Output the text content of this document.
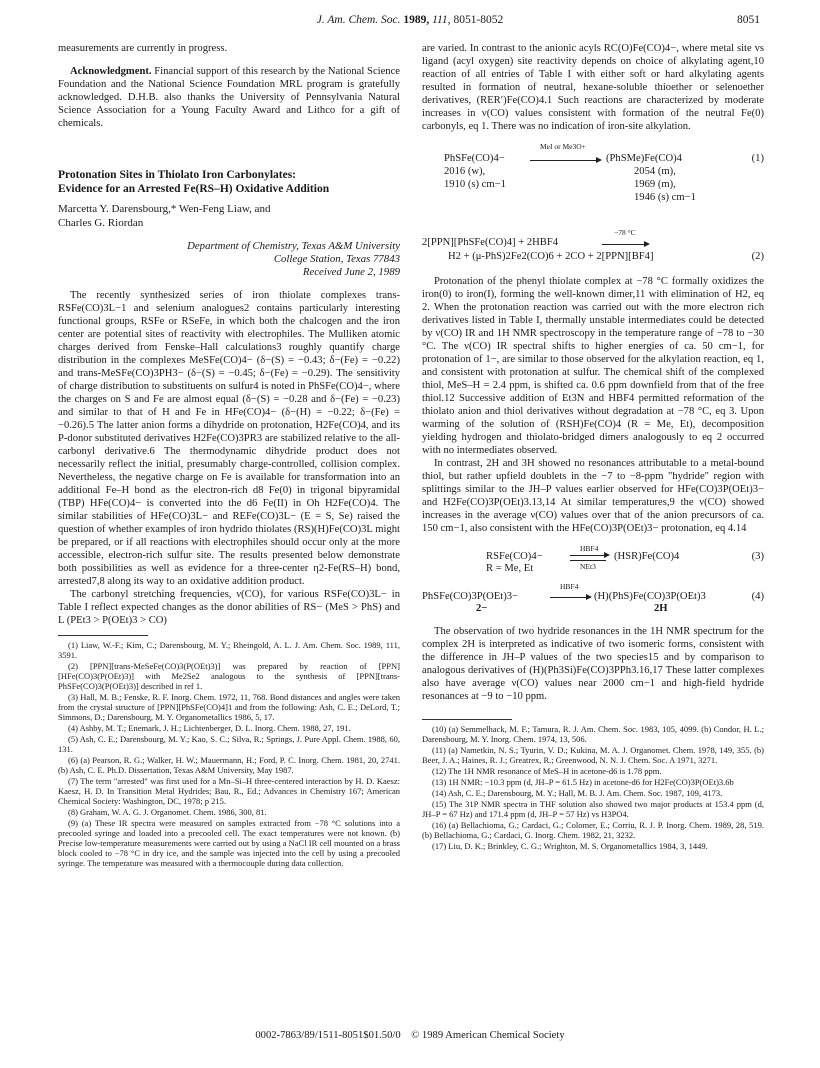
J. Am. Chem. Soc. 1989, 111, 8051-8052	8051

measurements are currently in progress.

Acknowledgment. Financial support of this research by the National Science Foundation and the National Science Foundation MRL program is gratefully acknowledged. D.H.B. also thanks the University of Pennsylvania Natural Science Association for a Young Faculty Award and Lithco for a gift of chemicals.

Protonation Sites in Thiolato Iron Carbonylates:
Evidence for an Arrested Fe(RS–H) Oxidative Addition
Marcetta Y. Darensbourg,* Wen-Feng Liaw, and
Charles G. Riordan
Department of Chemistry, Texas A&M University
College Station, Texas 77843
Received June 2, 1989

The recently synthesized series of iron thiolate complexes trans-RSFe(CO)3L−1 and selenium analogues2 contains particularly interesting functional groups, RSFe or RSeFe, in which both the chalcogen and the iron center are potential sites of reactivity with electrophiles. The Mulliken atomic charges derived from Fenske–Hall calculations3 roughly quantify charge distribution in the complexes MeSFe(CO)4− (δ−(S) = −0.43; δ−(Fe) = −0.22) and trans-MeSFe(CO)3PH3− (δ−(S) = −0.45; δ−(Fe) = −0.29). The sensitivity of charge distribution to substituents on sulfur4 is noted in PhSFe(CO)4−, where the charges on S and Fe are almost equal (δ−(S) = −0.28 and δ−(Fe) = −0.23) and similar to that of H and Fe in HFe(CO)4− (δ−(H) = −0.22; δ−(Fe) = −0.26).5 The latter anion forms a dihydride on protonation, H2Fe(CO)4, and its P-donor substituted derivatives H2Fe(CO)3PR3 are stabilized relative to the all-carbonyl derivative.6 The thermodynamic dihydride product does not necessarily reflect the initial, presumably charge-controlled, collision complex. Nevertheless, the negative charge on Fe is available for transformation into an additional Fe–H bond as the electron-rich d8 Fe(0) in trigonal bipyramidal (TBP) HFe(CO)4− is converted into the d6 Fe(II) in Oh H2Fe(CO)4. The similar stabilities of HFe(CO)3L− and REFe(CO)3L− (E = S, Se) raised the question of whether examples of iron hydrido thiolates (RS)(H)Fe(CO)3L might be prepared, or if all reactions with electrophiles should occur only at the more accessible, electron-rich sulfur site. The results presented below demonstrate both possibilities as well as evidence for a three-center η2-Fe(RS–H) bond, arrested7,8 along its way to an oxidative addition product.

The carbonyl stretching frequencies, ν(CO), for various RSFe(CO)3L− in Table I reflect expected changes as the donor abilities of RS− (MeS > PhS) and L (PEt3 > P(OEt)3 > CO)

(1) Liaw, W.-F.; Kim, C.; Darensbourg, M. Y.; Rheingold, A. L. J. Am. Chem. Soc. 1989, 111, 3591.
(2) [PPN][trans-MeSeFe(CO)3(P(OEt)3)] was prepared by reaction of [PPN][HFe(CO)3(P(OEt)3)] with Me2Se2 analogous to the synthesis of [PPN][trans-PhSFe(CO)3(P(OEt)3)] described in ref 1.
(3) Hall, M. B.; Fenske, R. F. Inorg. Chem. 1972, 11, 768. Bond distances and angles were taken from the crystal structure of [PPN][PhSFe(CO)4]1 and from the following: Ash, C. E.; DeLord, T.; Simmons, D.; Darensbourg, M. Y. Organometallics 1986, 5, 17.
(4) Ashby, M. T.; Enemark, J. H.; Lichtenberger, D. L. Inorg. Chem. 1988, 27, 191.
(5) Ash, C. E.; Darensbourg, M. Y.; Kao, S. C.; Silva, R.; Springs, J. Pure Appl. Chem. 1988, 60, 131.
(6) (a) Pearson, R. G.; Walker, H. W.; Mauermann, H.; Ford, P. C. Inorg. Chem. 1981, 20, 2741. (b) Ash, C. E. Ph.D. Dissertation, Texas A&M University, May 1987.
(7) The term "arrested" was first used for a Mn–Si–H three-centered interaction by H. D. Kaesz: Kaesz, H. D. In Transition Metal Hydrides; Bau, R., Ed.; Advances in Chemistry 167; American Chemical Society: Washington, DC, 1978; p 215.
(8) Graham, W. A. G. J. Organomet. Chem. 1986, 300, 81.
(9) (a) These IR spectra were measured on samples extracted from −78 °C solutions into a precooled syringe and loaded into a precooled cell. The exact temperatures were not known. (b) Precise low-temperature measurements were carried out by using a NaCl IR cell mounted on a brass block cooled to −78 °C in dry ice, and the sample was injected into the cell by using a precooled syringe. The temperature was measured with a thermocouple during data collection.

are varied. In contrast to the anionic acyls RC(O)Fe(CO)4−, where metal site vs ligand (acyl oxygen) site reactivity depends on choice of alkylating agent,10 reaction of all entries of Table I with either soft or hard alkylating agents resulted in formation of neutral, hexane-soluble thioether or selenoether derivatives, (RER′)Fe(CO)4.1 Such reactions are characterized by moderate increases in ν(CO) values consistent with formation of the neutral Fe(0) carbonyls, eq 1. There was no indication of iron-site alkylation.

MeI or Me3O+
PhSFe(CO)4−	(PhSMe)Fe(CO)4	(1)
2016 (w),
1910 (s) cm−1
2054 (m),
1969 (m),
1946 (s) cm−1
−78 °C
2[PPN][PhSFe(CO)4] + 2HBF4
H2 + (μ-PhS)2Fe2(CO)6 + 2CO + 2[PPN][BF4]	(2)

Protonation of the phenyl thiolate complex at −78 °C formally oxidizes the iron(0) to iron(I), forming the well-known dimer,11 with elimination of H2, eq 2. When the protonation reaction was carried out with the more electron rich derivatives listed in Table I, thermally unstable intermediates could be detected by ν(CO) IR and 1H NMR spectroscopy in the temperature range of −78 to −30 °C. The ν(CO) IR spectral shifts to higher energies of ca. 50 cm−1, for protonation of 1−, are similar to those observed for the alkylation reaction, eq 1, and consistent with protonation at sulfur. The chemical shift of the complexed thiol, MeS–H = 2.4 ppm, is shifted ca. 0.6 ppm downfield from that of the free thiol.12 Successive addition of Et3N and HBF4 permitted reformation of the thiolato anion and thiol derivatives without degradation at −78 °C, eq 3. Upon warming of the solution of (RSH)Fe(CO)4 (R = Me, Et), decomposition yielding hydrogen and thiolato-bridged dimers analogously to eq 2 occurred with no intermediates observed.

In contrast, 2H and 3H showed no resonances attributable to a metal-bound thiol, but rather upfield doublets in the −7 to −8-ppm "hydride" region with splittings similar to the JH–P values earlier observed for HFe(CO)3P(OEt)3− and H2Fe(CO)3P(OEt)3.13,14 At similar temperatures,9 the ν(CO) showed increases in the average ν(CO) values over that of the anion precursors of ca. 150 cm−1, also consistent with the HFe(CO)3P(OEt)3− protonation, eq 4.14

HBF4
RSFe(CO)4−
NEt3
(HSR)Fe(CO)4	(3)
R = Me, Et
HBF4
PhSFe(CO)3P(OEt)3−	(H)(PhS)Fe(CO)3P(OEt)3	(4)
2−	2H

The observation of two hydride resonances in the 1H NMR spectrum for the complex 2H is interpreted as indicative of two isomeric forms, consistent with the difference in JH–P values of the two species15 and by comparison to analogous derivatives of (H)(Ph3Si)Fe(CO)3PPh3.16,17 These latter complexes also have average ν(CO) values near 2000 cm−1 and high-field hydride resonances at −9 to −10 ppm.

(10) (a) Semmelhack, M. F.; Tamura, R. J. Am. Chem. Soc. 1983, 105, 4099. (b) Condor, H. L.; Darensbourg, M. Y. Inorg. Chem. 1974, 13, 506.
(11) (a) Nametkin, N. S.; Tyurin, V. D.; Kukina, M. A. J. Organomet. Chem. 1978, 149, 355. (b) Beer, J. A.; Haines, R. J.; Greatrex, R.; Greenwood, N. N. J. Chem. Soc. A 1971, 3271.
(12) The 1H NMR resonance of MeS–H in acetone-d6 is 1.78 ppm.
(13) 1H NMR: −10.3 ppm (d, JH–P = 61.5 Hz) in acetone-d6 for H2Fe(CO)3P(OEt)3.6b
(14) Ash, C. E.; Darensbourg, M. Y.; Hall, M. B. J. Am. Chem. Soc. 1987, 109, 4173.
(15) The 31P NMR spectra in THF solution also showed two major products at 153.4 ppm (d, JH–P = 67 Hz) and 171.4 ppm (d, JH–P = 57 Hz) vs H3PO4.
(16) (a) Bellachioma, G.; Cardaci, G.; Colomer, E.; Corriu, R. J. P. Inorg. Chem. 1989, 28, 519. (b) Bellachioma, G.; Cardaci, G. Inorg. Chem. 1982, 21, 3232.
(17) Liu, D. K.; Brinkley, C. G.; Wrighton, M. S. Organometallics 1984, 3, 1449.
0002-7863/89/1511-8051$01.50/0 © 1989 American Chemical Society
